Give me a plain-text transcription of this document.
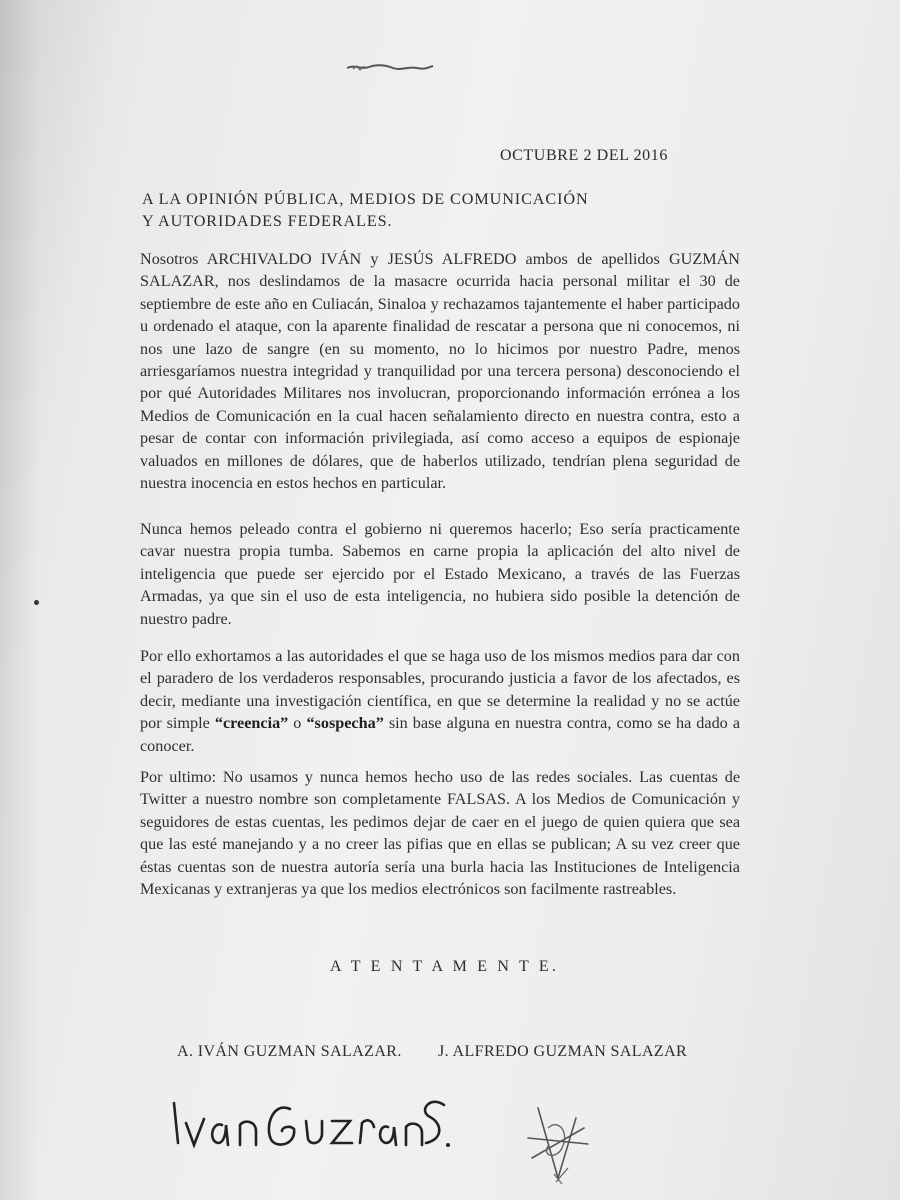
OCTUBRE 2 DEL 2016
A LA OPINIÓN PÚBLICA, MEDIOS DE COMUNICACIÓN
Y AUTORIDADES FEDERALES.
Nosotros ARCHIVALDO IVÁN y JESÚS ALFREDO ambos de apellidos GUZMÁN SALAZAR, nos deslindamos de la masacre ocurrida hacia personal militar el 30 de septiembre de este año en Culiacán, Sinaloa y rechazamos tajantemente el haber participado u ordenado el ataque, con la aparente finalidad de rescatar a persona que ni conocemos, ni nos une lazo de sangre (en su momento, no lo hicimos por nuestro Padre, menos arriesgaríamos nuestra integridad y tranquilidad por una tercera persona) desconociendo el por qué Autoridades Militares nos involucran, proporcionando información errónea a los Medios de Comunicación en la cual hacen señalamiento directo en nuestra contra, esto a pesar de contar con información privilegiada, así como acceso a equipos de espionaje valuados en millones de dólares, que de haberlos utilizado, tendrían plena seguridad de nuestra inocencia en estos hechos en particular.
Nunca hemos peleado contra el gobierno ni queremos hacerlo; Eso sería practicamente cavar nuestra propia tumba. Sabemos en carne propia la aplicación del alto nivel de inteligencia que puede ser ejercido por el Estado Mexicano, a través de las Fuerzas Armadas, ya que sin el uso de esta inteligencia, no hubiera sido posible la detención de nuestro padre.
Por ello exhortamos a las autoridades el que se haga uso de los mismos medios para dar con el paradero de los verdaderos responsables, procurando justicia a favor de los afectados, es decir, mediante una investigación científica, en que se determine la realidad y no se actúe por simple “creencia” o “sospecha” sin base alguna en nuestra contra, como se ha dado a conocer.
Por ultimo: No usamos y nunca hemos hecho uso de las redes sociales. Las cuentas de Twitter a nuestro nombre son completamente FALSAS. A los Medios de Comunicación y seguidores de estas cuentas, les pedimos dejar de caer en el juego de quien quiera que sea que las esté manejando y a no creer las pifias que en ellas se publican; A su vez creer que éstas cuentas son de nuestra autoría sería una burla hacia las Instituciones de Inteligencia Mexicanas y extranjeras ya que los medios electrónicos son facilmente rastreables.
A T E N T A M E N T E.
A. IVÁN GUZMAN SALAZAR. J. ALFREDO GUZMAN SALAZAR
